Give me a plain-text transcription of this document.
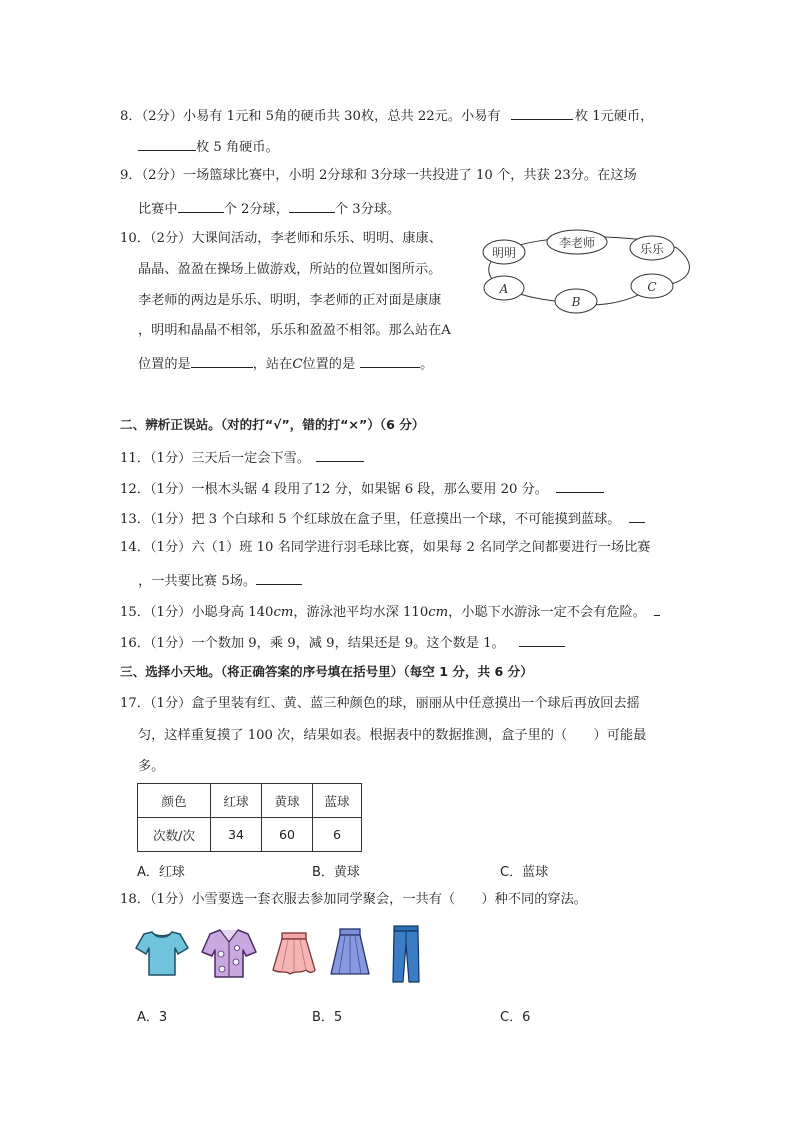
8．（2分）小易有 1元和 5角的硬币共 30枚，总共 22元。小易有	枚 1元硬币，
枚 5 角硬币。
9．（2分）一场篮球比赛中，小明 2分球和 3分球一共投进了 10 个，共获 23分。在这场
比赛中	个 2分球，	个 3分球。
10．（2分）大课间活动，李老师和乐乐、明明、康康、
晶晶、盈盈在操场上做游戏，所站的位置如图所示。
李老师的两边是乐乐、明明，李老师的正对面是康康
，明明和晶晶不相邻，乐乐和盈盈不相邻。那么站在A
位置的是	，站在C位置的是	。
明明
李老师	乐乐
A
B
C
二、辨析正误站。（对的打“√”，错的打“×”）（6 分）
11．（1分）三天后一定会下雪。
12．（1分）一根木头锯 4 段用了12 分，如果锯 6 段，那么要用 20 分。
13．（1分）把 3 个白球和 5 个红球放在盒子里，任意摸出一个球，不可能摸到蓝球。
14．（1分）六（1）班 10 名同学进行羽毛球比赛，如果每 2 名同学之间都要进行一场比赛
，一共要比赛 5场。
15．（1分）小聪身高 140cm，游泳池平均水深 110cm，小聪下水游泳一定不会有危险。
16．（1分）一个数加 9，乘 9，减 9，结果还是 9。这个数是 1。
三、选择小天地。（将正确答案的序号填在括号里）（每空 1 分，共 6 分）
17．（1分）盒子里装有红、黄、蓝三种颜色的球，丽丽从中任意摸出一个球后再放回去摇
匀，这样重复摸了 100 次，结果如表。根据表中的数据推测，盒子里的（　　）可能最
多。
颜色	红球	黄球	蓝球
次数/次	34	60	6
A．红球	B．黄球	C．蓝球
18．（1分）小雪要选一套衣服去参加同学聚会，一共有（　　）种不同的穿法。
A．3	B．5	C．6
